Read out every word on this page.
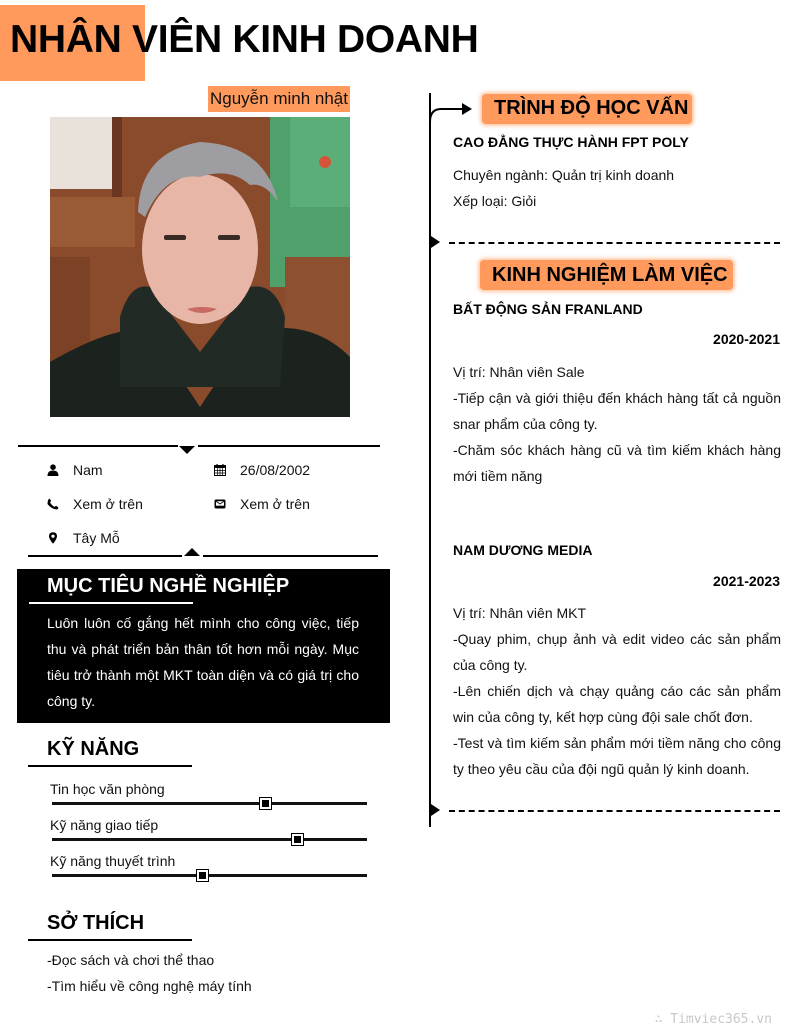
NHÂN VIÊN KINH DOANH
Nguyễn minh nhật
Nam	26/08/2002
Xem ở trên	Xem ở trên
Tây Mỗ
MỤC TIÊU NGHỀ NGHIỆP
Luôn luôn cố gắng hết mình cho công việc, tiếp thu và phát triển bản thân tốt hơn mỗi ngày. Mục tiêu trở thành một MKT toàn diện và có giá trị cho công ty.
KỸ NĂNG
Tin học văn phòng
Kỹ năng giao tiếp
Kỹ năng thuyết trình
SỞ THÍCH
-Đọc sách và chơi thể thao
-Tìm hiểu về công nghệ máy tính
TRÌNH ĐỘ HỌC VẤN
CAO ĐẲNG THỰC HÀNH FPT POLY
Chuyên ngành: Quản trị kinh doanh
Xếp loại: Giỏi
KINH NGHIỆM LÀM VIỆC
BẤT ĐỘNG SẢN FRANLAND
2020-2021
Vị trí: Nhân viên Sale
-Tiếp cận và giới thiệu đến khách hàng tất cả nguồn snar phẩm của công ty.
-Chăm sóc khách hàng cũ và tìm kiếm khách hàng mới tiềm năng
NAM DƯƠNG MEDIA
2021-2023
Vị trí: Nhân viên MKT
-Quay phim, chụp ảnh và edit video các sản phẩm của công ty.
-Lên chiến dịch và chạy quảng cáo các sản phẩm win của công ty, kết hợp cùng đội sale chốt đơn.
-Test và tìm kiếm sản phẩm mới tiềm năng cho công ty theo yêu cầu của đội ngũ quản lý kinh doanh.
∴ Timviec365.vn
